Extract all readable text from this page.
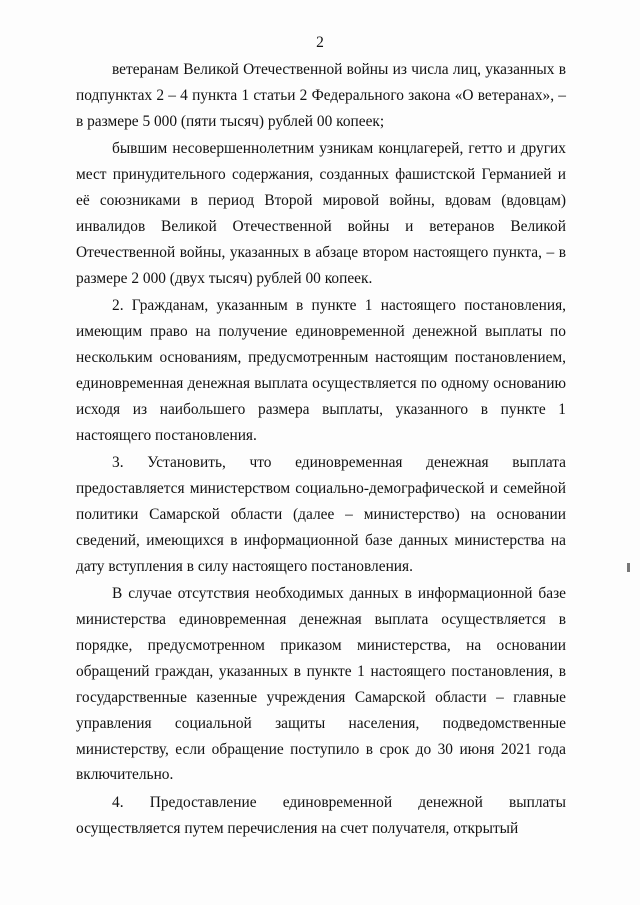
2

ветеранам Великой Отечественной войны из числа лиц, указанных в подпунктах 2 – 4 пункта 1 статьи 2 Федерального закона «О ветеранах», – в размере 5 000 (пяти тысяч) рублей 00 копеек;

бывшим несовершеннолетним узникам концлагерей, гетто и других мест принудительного содержания, созданных фашистской Германией и её союзниками в период Второй мировой войны, вдовам (вдовцам) инвалидов Великой Отечественной войны и ветеранов Великой Отечественной войны, указанных в абзаце втором настоящего пункта, – в размере 2 000 (двух тысяч) рублей 00 копеек.

2. Гражданам, указанным в пункте 1 настоящего постановления, имеющим право на получение единовременной денежной выплаты по нескольким основаниям, предусмотренным настоящим постановлением, единовременная денежная выплата осуществляется по одному основанию исходя из наибольшего размера выплаты, указанного в пункте 1 настоящего постановления.

3. Установить, что единовременная денежная выплата предоставляется министерством социально-демографической и семейной политики Самарской области (далее – министерство) на основании сведений, имеющихся в информационной базе данных министерства на дату вступления в силу настоящего постановления.

В случае отсутствия необходимых данных в информационной базе министерства единовременная денежная выплата осуществляется в порядке, предусмотренном приказом министерства, на основании обращений граждан, указанных в пункте 1 настоящего постановления, в государственные казенные учреждения Самарской области – главные управления социальной защиты населения, подведомственные министерству, если обращение поступило в срок до 30 июня 2021 года включительно.

4. Предоставление единовременной денежной выплаты осуществляется путем перечисления на счет получателя, открытый
